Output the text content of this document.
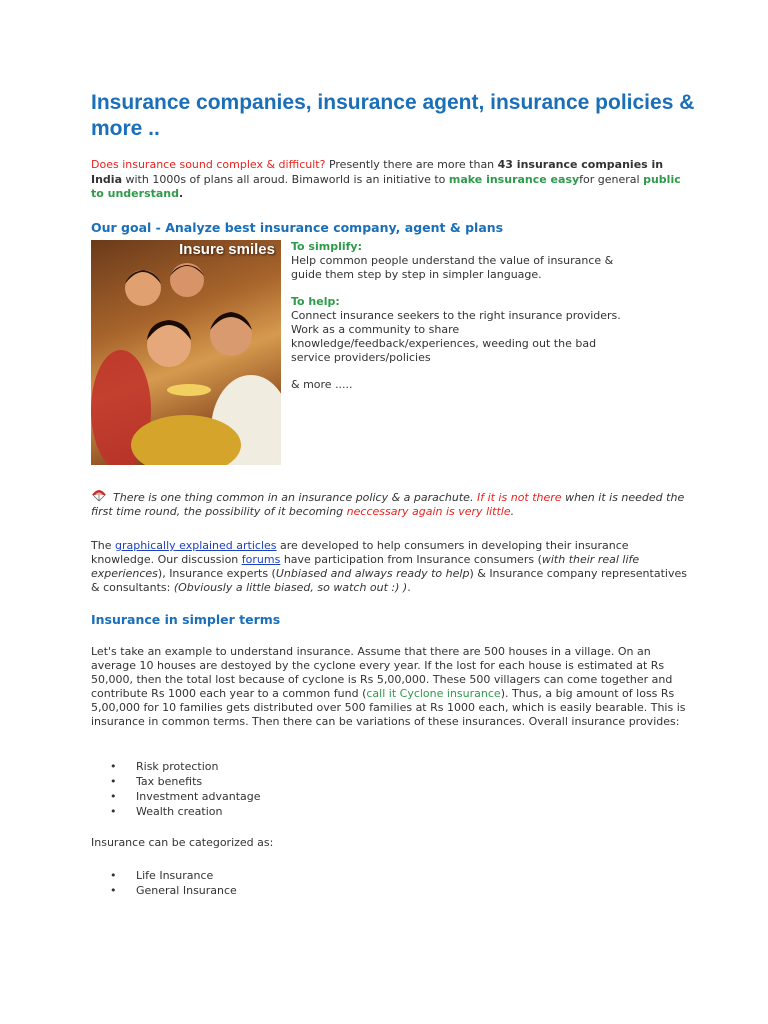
Insurance companies, insurance agent, insurance policies & more ..

Does insurance sound complex & difficult? Presently there are more than 43 insurance companies in India with 1000s of plans all aroud. Bimaworld is an initiative to make insurance easyfor general public to understand.

Our goal - Analyze best insurance company, agent & plans
Insure smiles To simplify:
Help common people understand the value of insurance & guide them step by step in simpler language.

To help:
Connect insurance seekers to the right insurance providers. Work as a community to share knowledge/feedback/experiences, weeding out the bad service providers/policies

& more .....

There is one thing common in an insurance policy & a parachute. If it is not there when it is needed the first time round, the possibility of it becoming neccessary again is very little.

The graphically explained articles are developed to help consumers in developing their insurance knowledge. Our discussion forums have participation from Insurance consumers (with their real life experiences), Insurance experts (Unbiased and always ready to help) & Insurance company representatives & consultants: (Obviously a little biased, so watch out :) ).

Insurance in simpler terms

Let's take an example to understand insurance. Assume that there are 500 houses in a village. On an average 10 houses are destoyed by the cyclone every year. If the lost for each house is estimated at Rs 50,000, then the total lost because of cyclone is Rs 5,00,000. These 500 villagers can come together and contribute Rs 1000 each year to a common fund (call it Cyclone insurance). Thus, a big amount of loss Rs 5,00,000 for 10 families gets distributed over 500 families at Rs 1000 each, which is easily bearable. This is insurance in common terms. Then there can be variations of these insurances. Overall insurance provides:

• Risk protection
• Tax benefits
• Investment advantage
• Wealth creation

Insurance can be categorized as:

• Life Insurance
• General Insurance
